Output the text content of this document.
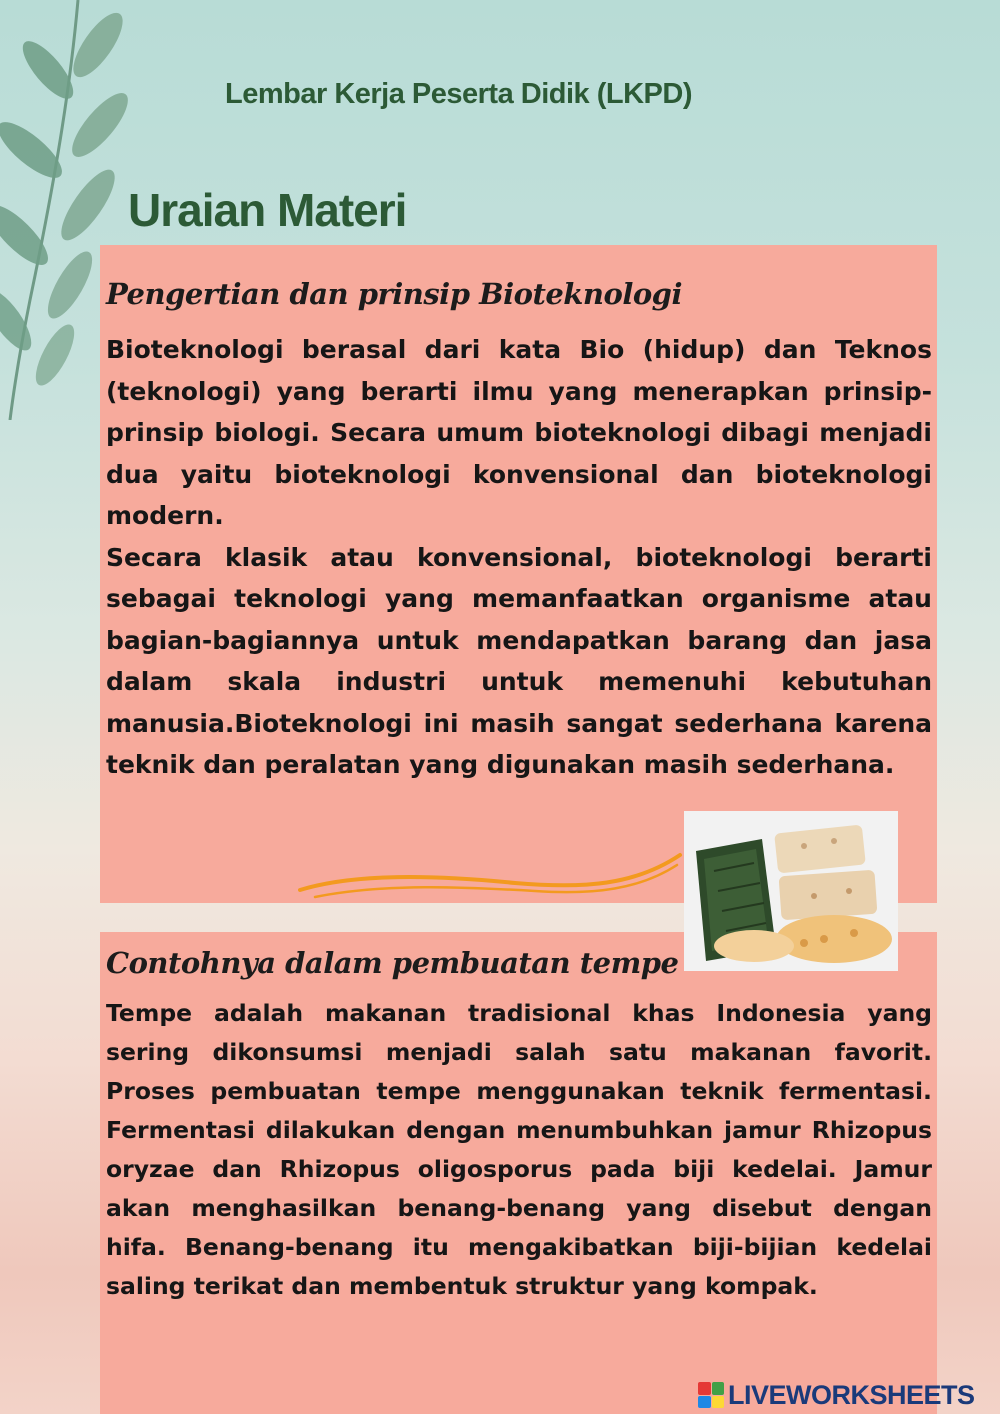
Lembar Kerja Peserta Didik (LKPD)
Uraian Materi
Pengertian dan prinsip Bioteknologi

Bioteknologi berasal dari kata Bio (hidup) dan Teknos (teknologi) yang berarti ilmu yang menerapkan prinsip-prinsip biologi. Secara umum bioteknologi dibagi menjadi dua yaitu bioteknologi konvensional dan bioteknologi modern.

Secara klasik atau konvensional, bioteknologi berarti sebagai teknologi yang memanfaatkan organisme atau bagian-bagiannya untuk mendapatkan barang dan jasa dalam skala industri untuk memenuhi kebutuhan manusia.Bioteknologi ini masih sangat sederhana karena teknik dan peralatan yang digunakan masih sederhana.

Contohnya dalam pembuatan tempe

Tempe adalah makanan tradisional khas Indonesia yang sering dikonsumsi menjadi salah satu makanan favorit. Proses pembuatan tempe menggunakan teknik fermentasi. Fermentasi dilakukan dengan menumbuhkan jamur Rhizopus oryzae dan Rhizopus oligosporus pada biji kedelai. Jamur akan menghasilkan benang-benang yang disebut dengan hifa. Benang-benang itu mengakibatkan biji-bijian kedelai saling terikat dan membentuk struktur yang kompak.

LIVEWORKSHEETS
